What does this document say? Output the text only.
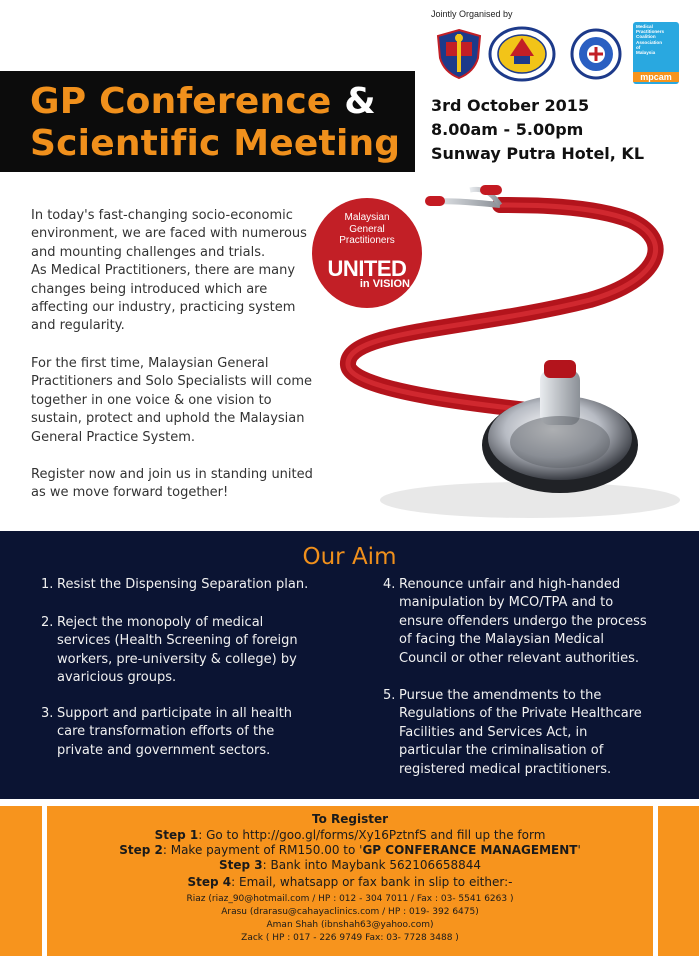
Jointly Organised by
Medical
Practitioners
Coalition
Association
of
Malaysia
mpcam
GP Conference &
Scientific Meeting
3rd October 2015
8.00am - 5.00pm
Sunway Putra Hotel, KL

In today's fast-changing socio-economic
environment, we are faced with numerous
and mounting challenges and trials.
As Medical Practitioners, there are many
changes being introduced which are
affecting our industry, practicing system
and regularity.

For the first time, Malaysian General
Practitioners and Solo Specialists will come
together in one voice & one vision to
sustain, protect and uphold the Malaysian
General Practice System.

Register now and join us in standing united
as we move forward together!

Malaysian
General
Practitioners
UNITED
in VISION
Our Aim
1. Resist the Dispensing Separation plan.
2. Reject the monopoly of medical
services (Health Screening of foreign
workers, pre-university & college) by
avaricious groups.
3. Support and participate in all health
care transformation efforts of the
private and government sectors.
4. Renounce unfair and high-handed
manipulation by MCO/TPA and to
ensure offenders undergo the process
of facing the Malaysian Medical
Council or other relevant authorities.
5. Pursue the amendments to the
Regulations of the Private Healthcare
Facilities and Services Act, in
particular the criminalisation of
registered medical practitioners.
To Register
Step 1: Go to http://goo.gl/forms/Xy16PztnfS and fill up the form
Step 2: Make payment of RM150.00 to 'GP CONFERANCE MANAGEMENT'
Step 3: Bank into Maybank 562106658844
Step 4: Email, whatsapp or fax bank in slip to either:-
Riaz (riaz_90@hotmail.com / HP : 012 - 304 7011 / Fax : 03- 5541 6263 )
Arasu (drarasu@cahayaclinics.com / HP : 019- 392 6475)
Aman Shah (ibnshah63@yahoo.com)
Zack ( HP : 017 - 226 9749 Fax: 03- 7728 3488 )
